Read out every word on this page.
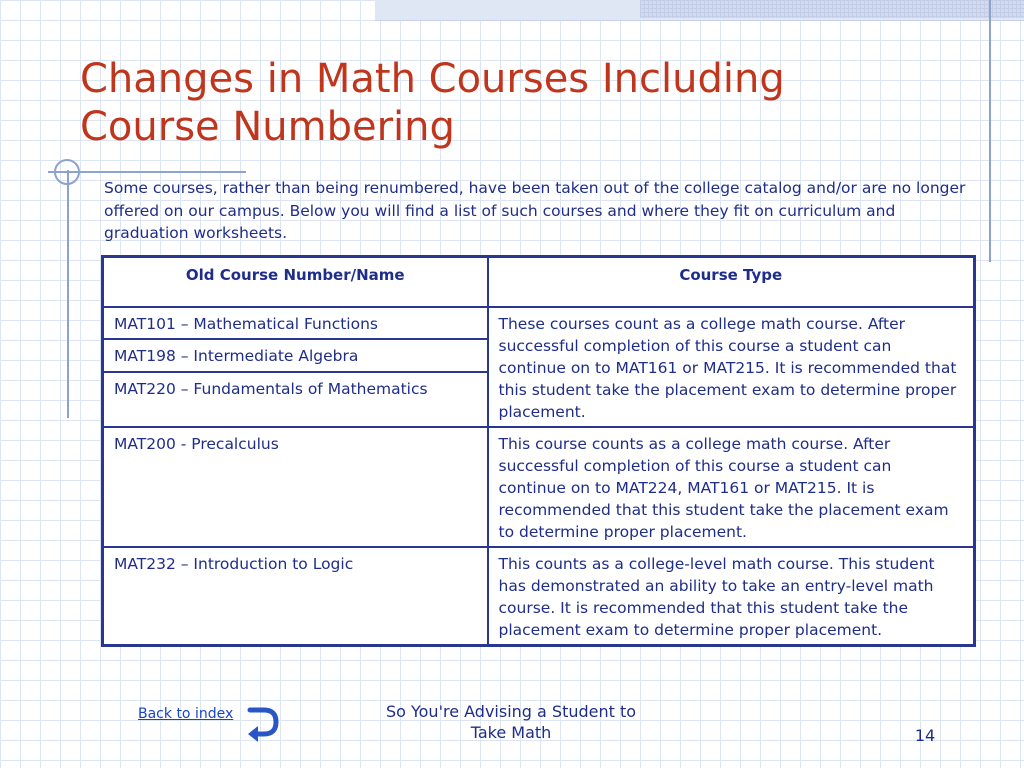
Changes in Math Courses Including
Course Numbering
Some courses, rather than being renumbered, have been taken out of the college catalog and/or are no longer offered on our campus. Below you will find a list of such courses and where they fit on curriculum and graduation worksheets.
Old Course Number/Name	Course Type
MAT101 – Mathematical Functions	These courses count as a college math course. After successful completion of this course a student can continue on to MAT161 or MAT215. It is recommended that this student take the placement exam to determine proper placement.
MAT198 – Intermediate Algebra	
MAT220 – Fundamentals of Mathematics	
MAT200 - Precalculus	This course counts as a college math course. After successful completion of this course a student can continue on to MAT224, MAT161 or MAT215. It is recommended that this student take the placement exam to determine proper placement.
MAT232 – Introduction to Logic	This counts as a college-level math course. This student has demonstrated an ability to take an entry-level math course. It is recommended that this student take the placement exam to determine proper placement.
Back to index	So You're Advising a Student to
Take Math	14
